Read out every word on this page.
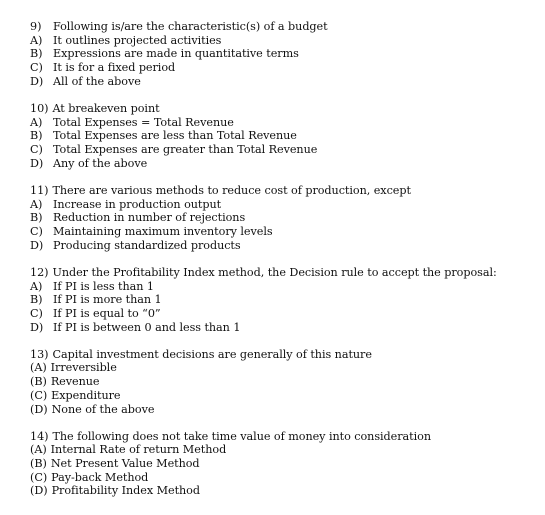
9)	Following is/are the characteristic(s) of a budget
A) It outlines projected activities
B) Expressions are made in quantitative terms
C) It is for a fixed period
D) All of the above
10) At breakeven point
A) Total Expenses = Total Revenue
B) Total Expenses are less than Total Revenue
C) Total Expenses are greater than Total Revenue
D) Any of the above
11) There are various methods to reduce cost of production, except
A) Increase in production output
B) Reduction in number of rejections
C) Maintaining maximum inventory levels
D) Producing standardized products
12) Under the Profitability Index method, the Decision rule to accept the proposal:
A) If PI is less than 1
B) If PI is more than 1
C) If PI is equal to “0”
D) If PI is between 0 and less than 1
13) Capital investment decisions are generally of this nature
(A) Irreversible
(B) Revenue
(C) Expenditure
(D) None of the above
14) The following does not take time value of money into consideration
(A) Internal Rate of return Method
(B) Net Present Value Method
(C) Pay-back Method
(D) Profitability Index Method
